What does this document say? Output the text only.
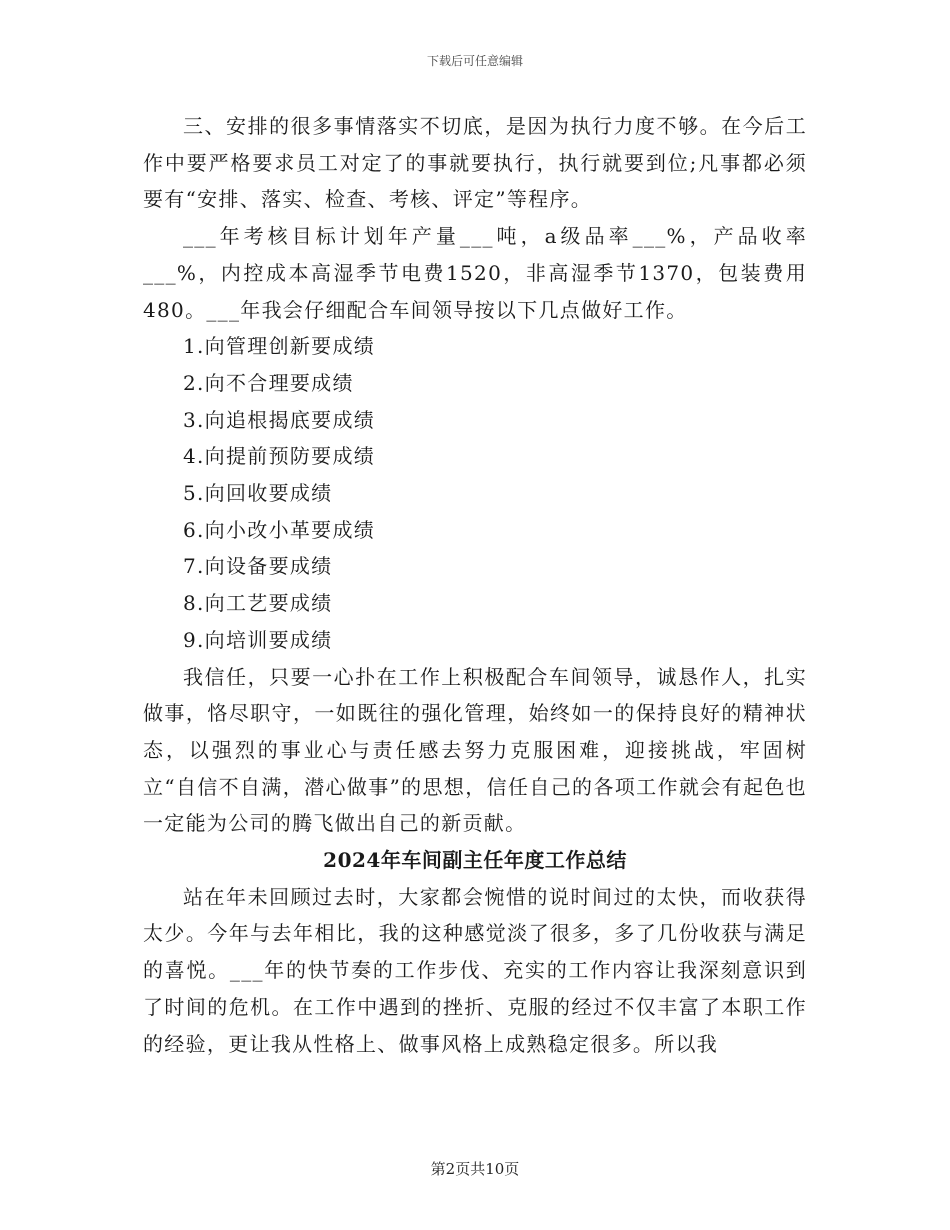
下载后可任意编辑

三、安排的很多事情落实不切底，是因为执行力度不够。在今后工作中要严格要求员工对定了的事就要执行，执行就要到位;凡事都必须要有“安排、落实、检查、考核、评定”等程序。

___年考核目标计划年产量___吨，a级品率___%，产品收率___%，内控成本高湿季节电费1520，非高湿季节1370，包装费用480。___年我会仔细配合车间领导按以下几点做好工作。

1.向管理创新要成绩

2.向不合理要成绩

3.向追根揭底要成绩

4.向提前预防要成绩

5.向回收要成绩

6.向小改小革要成绩

7.向设备要成绩

8.向工艺要成绩

9.向培训要成绩

我信任，只要一心扑在工作上积极配合车间领导，诚恳作人，扎实做事，恪尽职守，一如既往的强化管理，始终如一的保持良好的精神状态，以强烈的事业心与责任感去努力克服困难，迎接挑战，牢固树立“自信不自满，潜心做事”的思想，信任自己的各项工作就会有起色也一定能为公司的腾飞做出自己的新贡献。

2024年车间副主任年度工作总结

站在年未回顾过去时，大家都会惋惜的说时间过的太快，而收获得太少。今年与去年相比，我的这种感觉淡了很多，多了几份收获与满足的喜悦。___年的快节奏的工作步伐、充实的工作内容让我深刻意识到了时间的危机。在工作中遇到的挫折、克服的经过不仅丰富了本职工作的经验，更让我从性格上、做事风格上成熟稳定很多。所以我

第2页共10页
